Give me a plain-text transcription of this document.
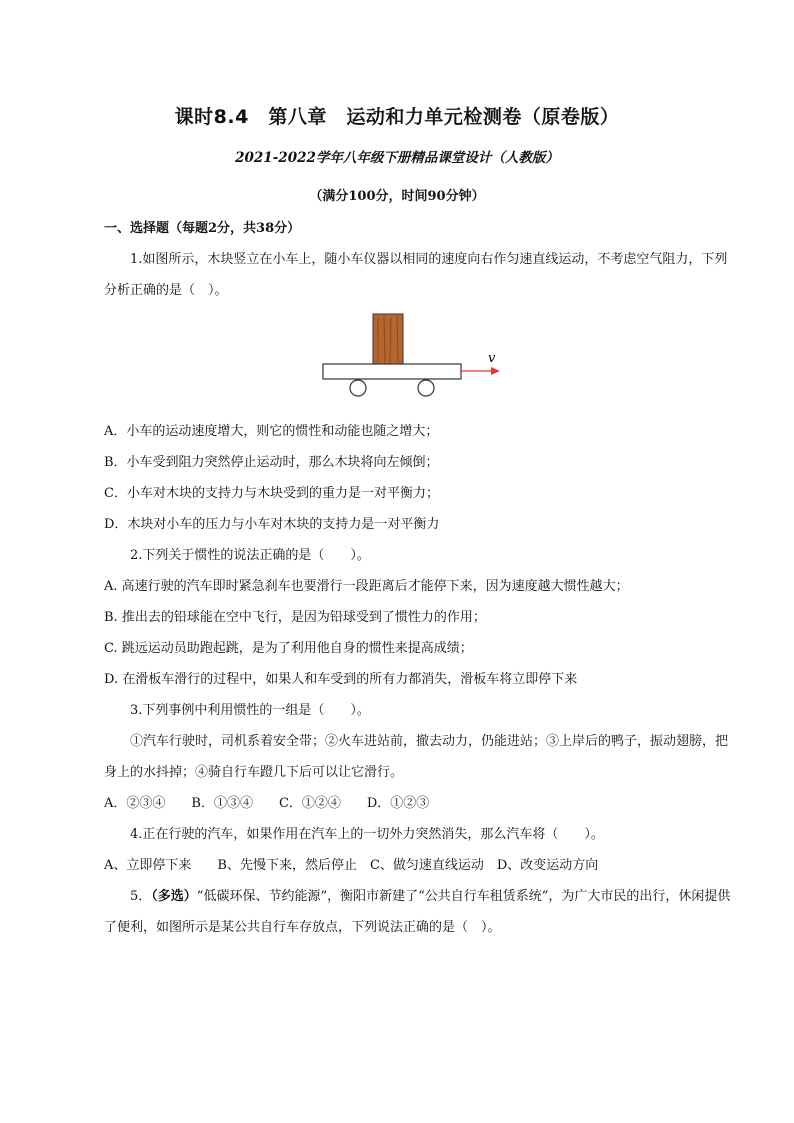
课时8.4　第八章　运动和力单元检测卷（原卷版）
2021-2022学年八年级下册精品课堂设计（人教版）
（满分100分，时间90分钟）

一、选择题（每题2分，共38分）

1.如图所示，木块竖立在小车上，随小车仪器以相同的速度向右作匀速直线运动，不考虑空气阻力，下列分析正确的是（　）。

v

A．小车的运动速度增大，则它的惯性和动能也随之增大；

B．小车受到阻力突然停止运动时，那么木块将向左倾倒；

C．小车对木块的支持力与木块受到的重力是一对平衡力；

D．木块对小车的压力与小车对木块的支持力是一对平衡力

2.下列关于惯性的说法正确的是（　　）。

A. 高速行驶的汽车即时紧急刹车也要滑行一段距离后才能停下来，因为速度越大惯性越大；

B. 推出去的铅球能在空中飞行，是因为铅球受到了惯性力的作用；

C. 跳远运动员助跑起跳，是为了利用他自身的惯性来提高成绩；

D. 在滑板车滑行的过程中，如果人和车受到的所有力都消失，滑板车将立即停下来

3.下列事例中利用惯性的一组是（　　）。

①汽车行驶时，司机系着安全带；②火车进站前，撤去动力，仍能进站；③上岸后的鸭子，振动翅膀，把身上的水抖掉；④骑自行车蹬几下后可以让它滑行。

A．②③④　　B．①③④　　C．①②④　　D．①②③

4.正在行驶的汽车，如果作用在汽车上的一切外力突然消失，那么汽车将（　　）。

A、立即停下来　　B、先慢下来，然后停止　C、做匀速直线运动　D、改变运动方向

5．（多选）“低碳环保、节约能源”，衡阳市新建了“公共自行车租赁系统”，为广大市民的出行，休闲提供了便利，如图所示是某公共自行车存放点，下列说法正确的是（　）。
